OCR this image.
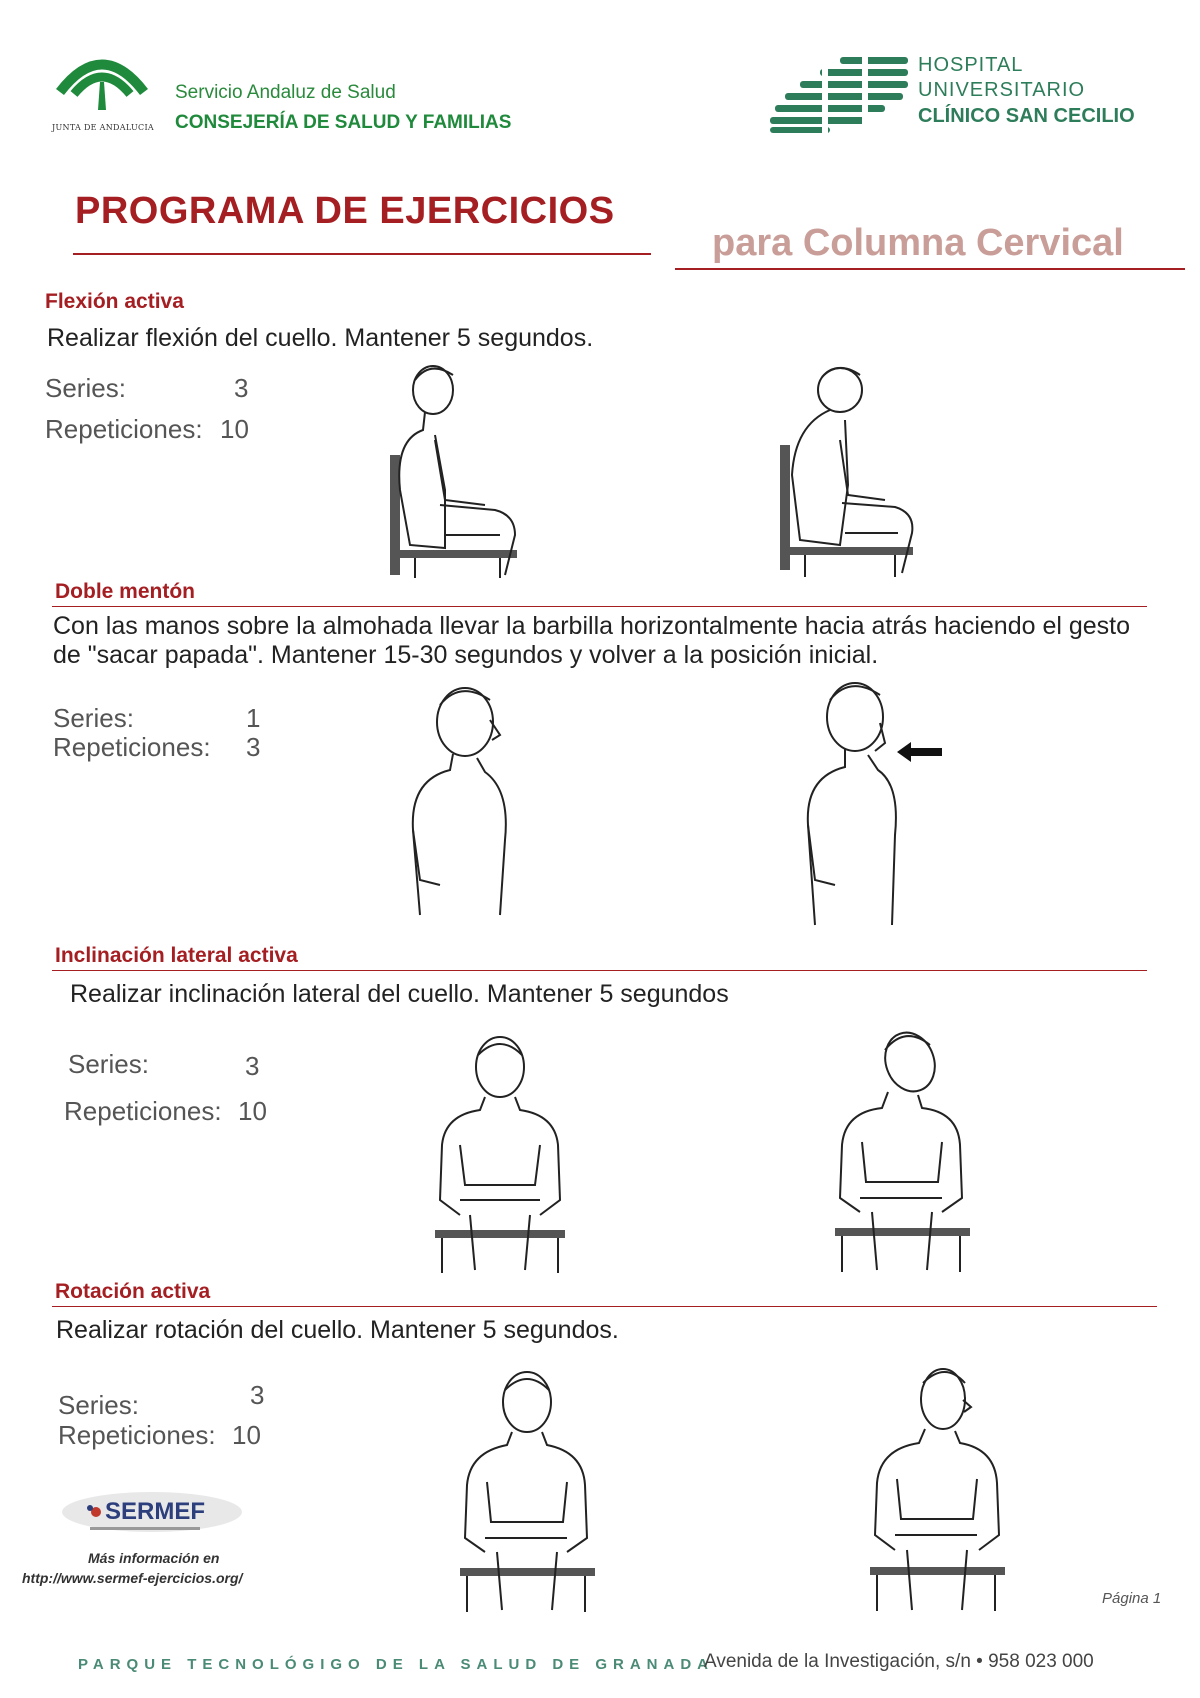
JUNTA DE ANDALUCIA
Servicio Andaluz de Salud
CONSEJERÍA DE SALUD Y FAMILIAS
HOSPITAL
UNIVERSITARIO
CLÍNICO SAN CECILIO
PROGRAMA DE EJERCICIOS
para Columna Cervical
Flexión activa
Realizar flexión del cuello. Mantener 5 segundos.
Series:	3
Repeticiones: 10
Doble mentón
Con las manos sobre la almohada llevar la barbilla horizontalmente hacia atrás haciendo el gesto de "sacar papada". Mantener 15-30 segundos y volver a la posición inicial.
Series:	1
Repeticiones: 3
Inclinación lateral activa
Realizar inclinación lateral del cuello. Mantener 5 segundos
Series:	3
Repeticiones: 10
Rotación activa
Realizar rotación del cuello. Mantener 5 segundos.
Series:	3
Repeticiones: 10
SERMEF
Más información en
http://www.sermef-ejercicios.org/
Página 1
PARQUE TECNOLÓGIGO DE LA SALUD DE GRANADA
Avenida de la Investigación, s/n • 958 023 000
